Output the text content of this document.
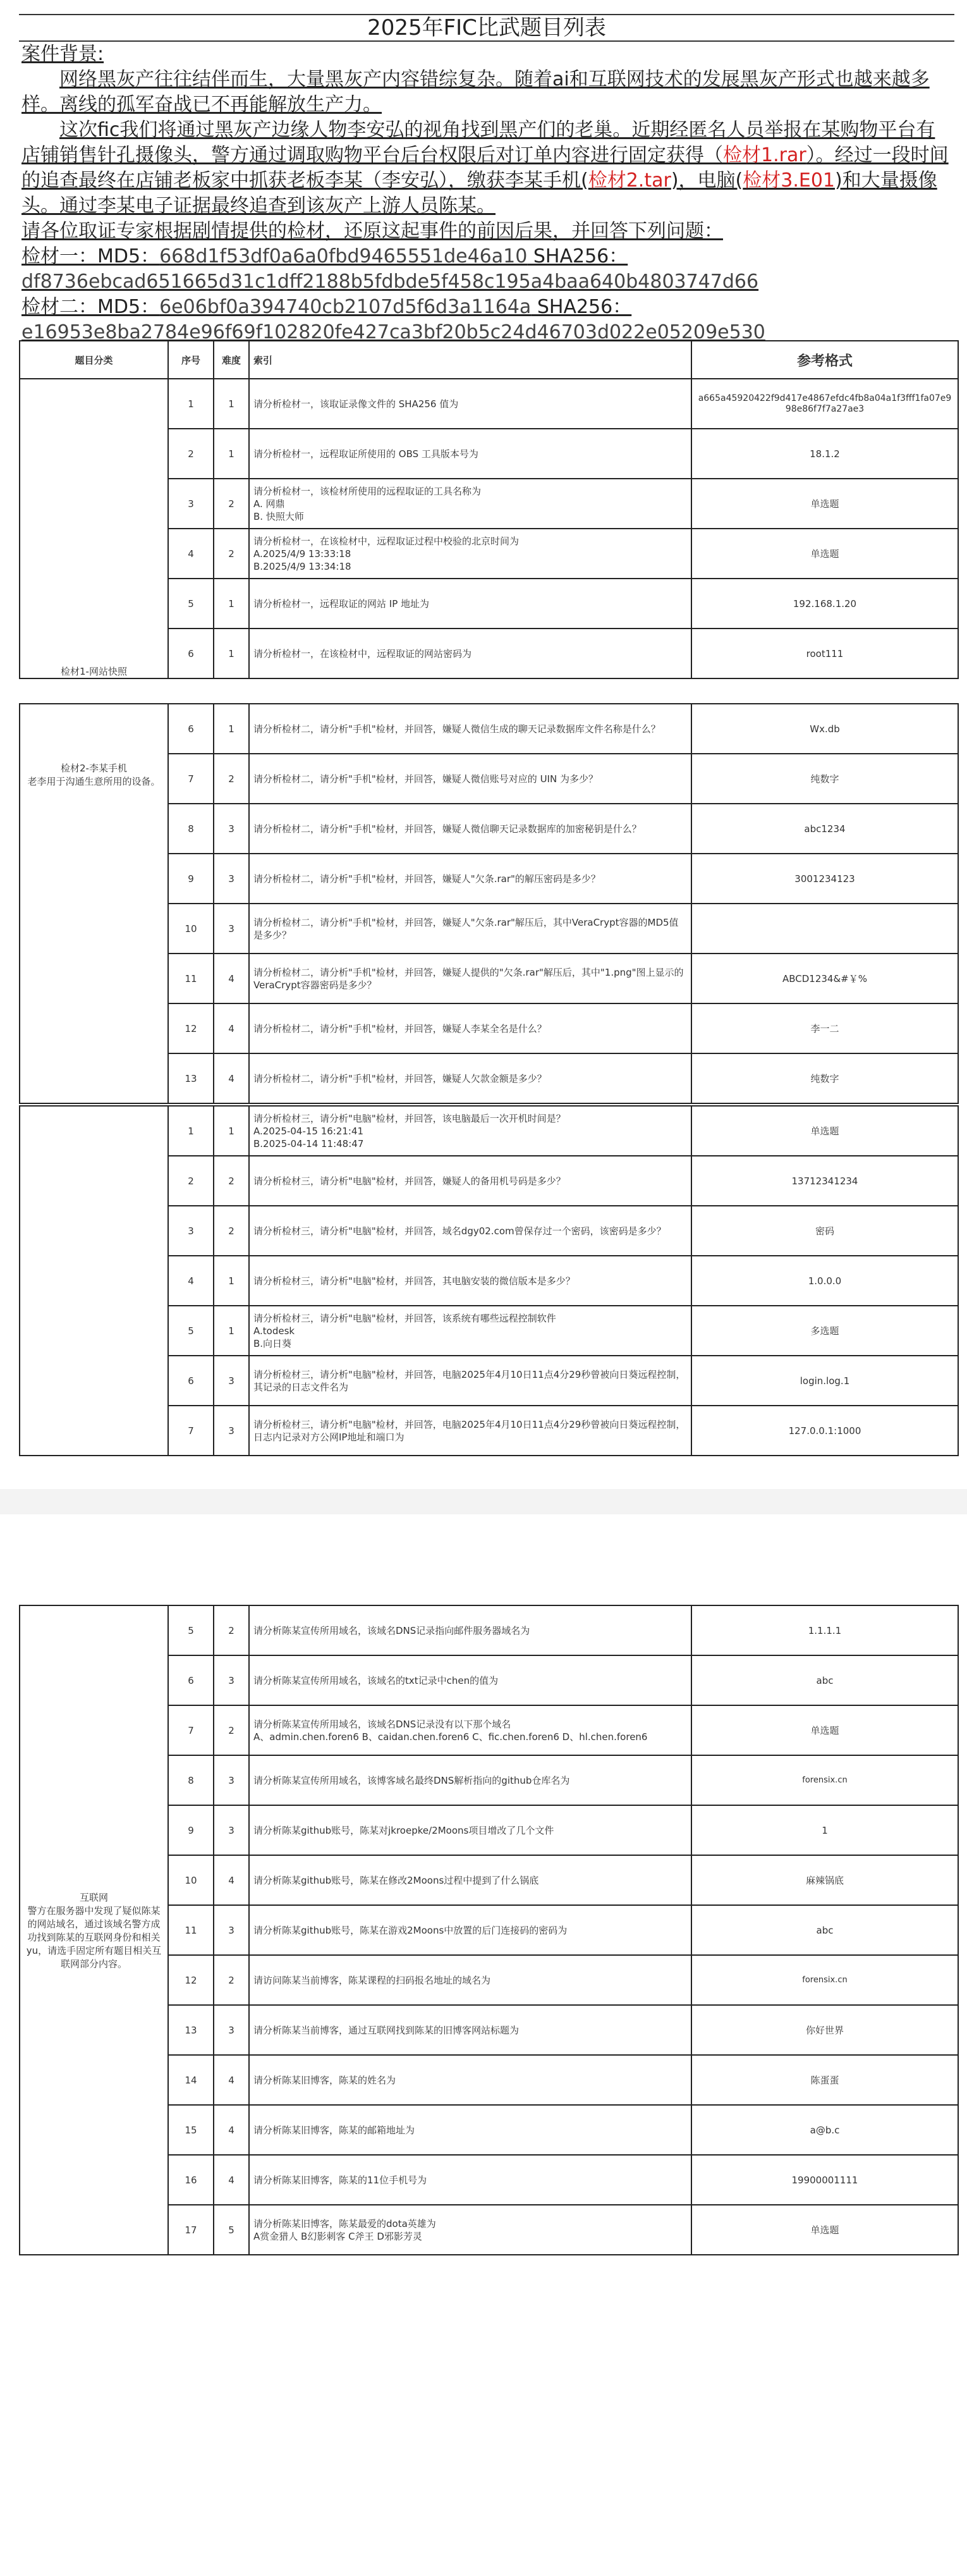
2025年FIC比武题目列表

案件背景:

网络黑灰产往往结伴而生，大量黑灰产内容错综复杂。随着ai和互联网技术的发展黑灰产形式也越来越多样。离线的孤军奋战已不再能解放生产力。

这次fic我们将通过黑灰产边缘人物李安弘的视角找到黑产们的老巢。近期经匿名人员举报在某购物平台有店铺销售针孔摄像头，警方通过调取购物平台后台权限后对订单内容进行固定获得（检材1.rar）。经过一段时间的追查最终在店铺老板家中抓获老板李某（李安弘），缴获李某手机(检材2.tar)，电脑(检材3.E01)和大量摄像头。通过李某电子证据最终追查到该灰产上游人员陈某。

请各位取证专家根据剧情提供的检材，还原这起事件的前因后果，并回答下列问题：

检材一：MD5：668d1f53df0a6a0fbd9465551de46a10 SHA256：
df8736ebcad651665d31c1dff2188b5fdbde5f458c195a4baa640b4803747d66

检材二：MD5：6e06bf0a394740cb2107d5f6d3a1164a SHA256：
e16953e8ba2784e96f69f102820fe427ca3bf20b5c24d46703d022e05209e530

题目分类	序号	难度	索引	参考格式
检材1-网站快照	1	1	请分析检材一，该取证录像文件的 SHA256 值为	a665a45920422f9d417e4867efdc4fb8a04a1f3fff1fa07e998e86f7f7a27ae3
	2	1	请分析检材一，远程取证所使用的 OBS 工具版本号为	18.1.2
	3	2	请分析检材一，该检材所使用的远程取证的工具名称为
A. 网鼎
B. 快照大师	单选题
	4	2	请分析检材一，在该检材中，远程取证过程中校验的北京时间为
A.2025/4/9 13:33:18
B.2025/4/9 13:34:18	单选题
	5	1	请分析检材一，远程取证的网站 IP 地址为	192.168.1.20
	6	1	请分析检材一，在该检材中，远程取证的网站密码为	root111
检材2-李某手机
老李用于沟通生意所用的设备。	6	1	请分析检材二，请分析"手机"检材，并回答，嫌疑人微信生成的聊天记录数据库文件名称是什么？	Wx.db
	7	2	请分析检材二，请分析"手机"检材，并回答，嫌疑人微信账号对应的 UIN 为多少？	纯数字
	8	3	请分析检材二，请分析"手机"检材，并回答，嫌疑人微信聊天记录数据库的加密秘钥是什么？	abc1234
	9	3	请分析检材二，请分析"手机"检材，并回答，嫌疑人"欠条.rar"的解压密码是多少？	3001234123
	10	3	请分析检材二，请分析"手机"检材，并回答，嫌疑人"欠条.rar"解压后，其中VeraCrypt容器的MD5值是多少？	
	11	4	请分析检材二，请分析"手机"检材，并回答，嫌疑人提供的"欠条.rar"解压后，其中"1.png"图上显示的VeraCrypt容器密码是多少？	ABCD1234&#￥%
	12	4	请分析检材二，请分析"手机"检材，并回答，嫌疑人李某全名是什么？	李一二
	13	4	请分析检材二，请分析"手机"检材，并回答，嫌疑人欠款金额是多少？	纯数字
	1	1	请分析检材三，请分析"电脑"检材，并回答，该电脑最后一次开机时间是？
A.2025-04-15 16:21:41
B.2025-04-14 11:48:47	单选题
	2	2	请分析检材三，请分析"电脑"检材，并回答，嫌疑人的备用机号码是多少？	13712341234
	3	2	请分析检材三，请分析"电脑"检材，并回答，域名dgy02.com曾保存过一个密码，该密码是多少？	密码
	4	1	请分析检材三，请分析"电脑"检材，并回答，其电脑安装的微信版本是多少？	1.0.0.0
	5	1	请分析检材三，请分析"电脑"检材，并回答，该系统有哪些远程控制软件
A.todesk
B.向日葵	多选题
	6	3	请分析检材三，请分析"电脑"检材，并回答，电脑2025年4月10日11点4分29秒曾被向日葵远程控制，其记录的日志文件名为	login.log.1
	7	3	请分析检材三，请分析"电脑"检材，并回答，电脑2025年4月10日11点4分29秒曾被向日葵远程控制，日志内记录对方公网IP地址和端口为	127.0.0.1:1000
互联网
警方在服务器中发现了疑似陈某的网站域名，通过该域名警方成功找到陈某的互联网身份和相关yu，请选手固定所有题目相关互联网部分内容。	5	2	请分析陈某宣传所用域名，该域名DNS记录指向邮件服务器域名为	1.1.1.1
	6	3	请分析陈某宣传所用域名，该域名的txt记录中chen的值为	abc
	7	2	请分析陈某宣传所用域名，该域名DNS记录没有以下那个域名
A、admin.chen.foren6 B、caidan.chen.foren6 C、fic.chen.foren6 D、hl.chen.foren6	单选题
	8	3	请分析陈某宣传所用域名，该博客域名最终DNS解析指向的github仓库名为	forensix.cn
	9	3	请分析陈某github账号，陈某对jkroepke/2Moons项目增改了几个文件	1
	10	4	请分析陈某github账号，陈某在修改2Moons过程中提到了什么锅底	麻辣锅底
	11	3	请分析陈某github账号，陈某在游戏2Moons中放置的后门连接码的密码为	abc
	12	2	请访问陈某当前博客，陈某课程的扫码报名地址的域名为	forensix.cn
	13	3	请分析陈某当前博客，通过互联网找到陈某的旧博客网站标题为	你好世界
	14	4	请分析陈某旧博客，陈某的姓名为	陈蛋蛋
	15	4	请分析陈某旧博客，陈某的邮箱地址为	a@b.c
	16	4	请分析陈某旧博客，陈某的11位手机号为	19900001111
	17	5	请分析陈某旧博客，陈某最爱的dota英雄为
A赏金猎人 B幻影刺客 C斧王 D邪影芳灵	单选题
